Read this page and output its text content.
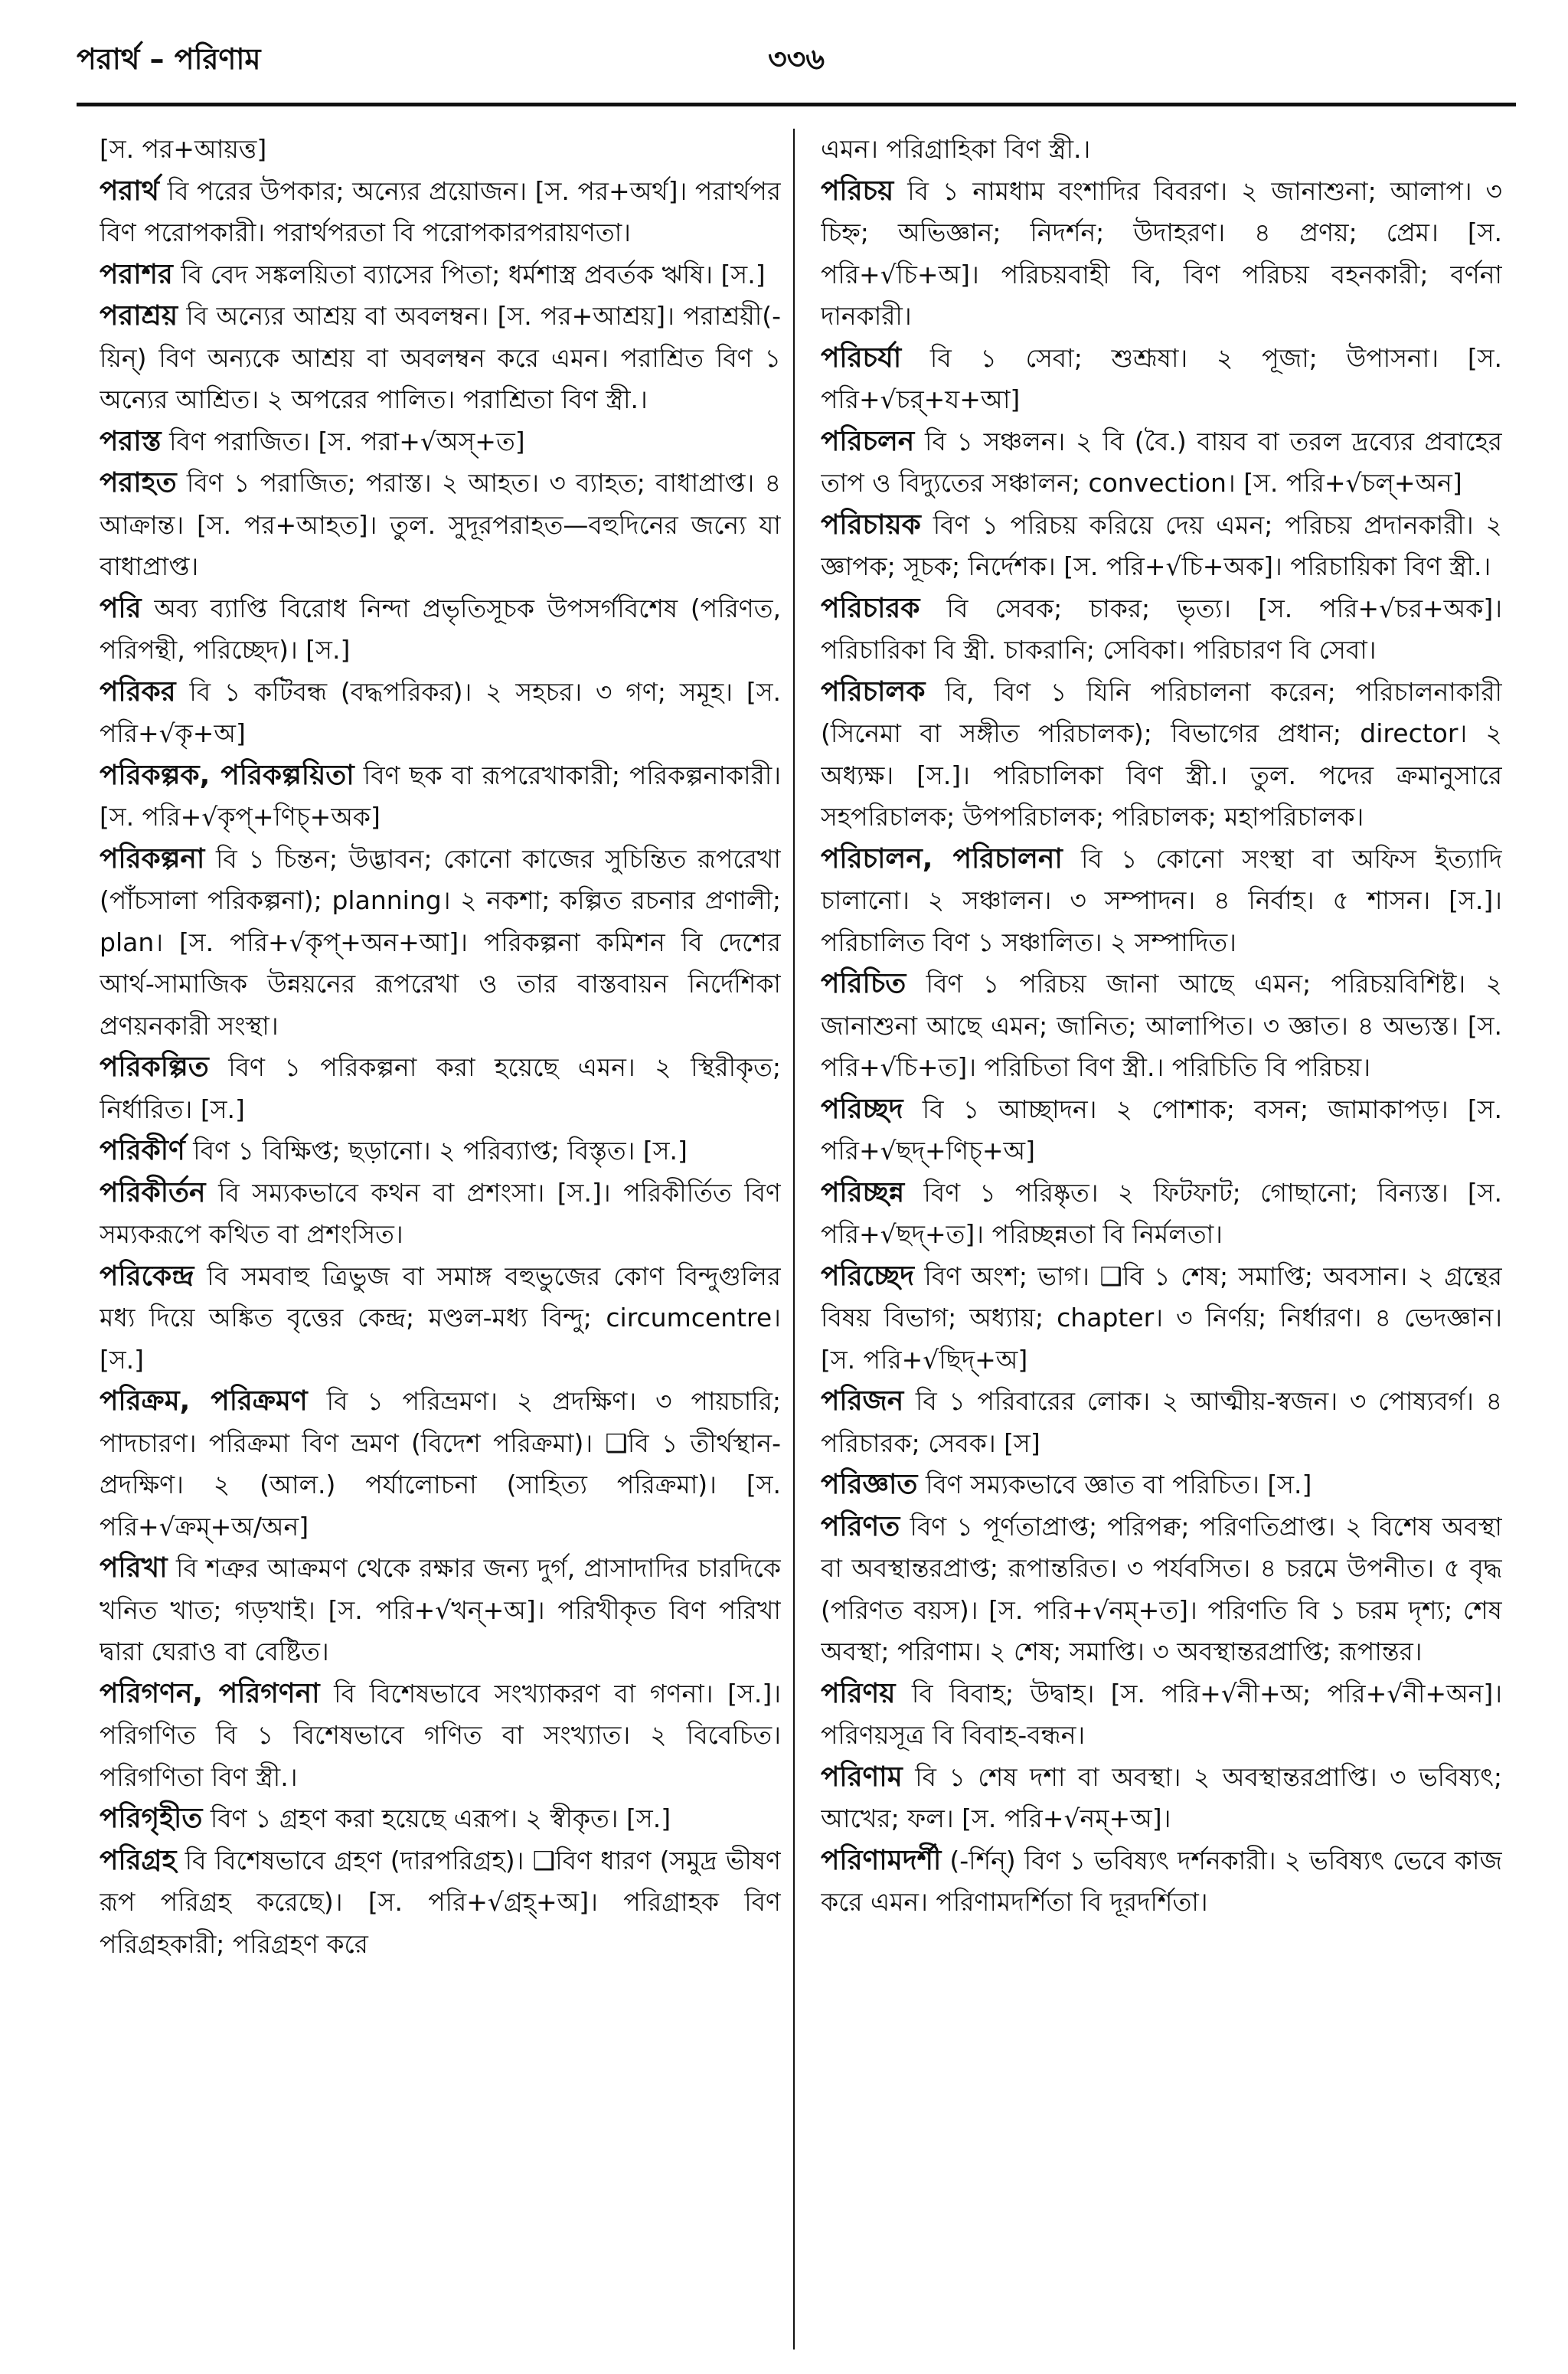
পরার্থ – পরিণাম	৩৩৬

[স. পর+আয়ত্ত]

পরার্থ বি পরের উপকার; অন্যের প্রয়োজন। [স. পর+অর্থ]। পরার্থপর বিণ পরোপকারী। পরার্থপরতা বি পরোপকারপরায়ণতা।

পরাশর বি বেদ সঙ্কলয়িতা ব্যাসের পিতা; ধর্মশাস্ত্র প্রবর্তক ঋষি। [স.]

পরাশ্রয় বি অন্যের আশ্রয় বা অবলম্বন। [স. পর+আশ্রয়]। পরাশ্রয়ী(-য়িন্) বিণ অন্যকে আশ্রয় বা অবলম্বন করে এমন। পরাশ্রিত বিণ ১ অন্যের আশ্রিত। ২ অপরের পালিত। পরাশ্রিতা বিণ স্ত্রী.।

পরাস্ত বিণ পরাজিত। [স. পরা+√অস্+ত]

পরাহত বিণ ১ পরাজিত; পরাস্ত। ২ আহত। ৩ ব্যাহত; বাধাপ্রাপ্ত। ৪ আক্রান্ত। [স. পর+আহত]। তুল. সুদূরপরাহত—বহুদিনের জন্যে যা বাধাপ্রাপ্ত।

পরি অব্য ব্যাপ্তি বিরোধ নিন্দা প্রভৃতিসূচক উপসর্গবিশেষ (পরিণত, পরিপন্থী, পরিচ্ছেদ)। [স.]

পরিকর বি ১ কটিবন্ধ (বদ্ধপরিকর)। ২ সহচর। ৩ গণ; সমূহ। [স. পরি+√কৃ+অ]

পরিকল্পক, পরিকল্পয়িতা বিণ ছক বা রূপরেখাকারী; পরিকল্পনাকারী। [স. পরি+√কৃপ্+ণিচ্+অক]

পরিকল্পনা বি ১ চিন্তন; উদ্ভাবন; কোনো কাজের সুচিন্তিত রূপরেখা (পাঁচসালা পরিকল্পনা); planning। ২ নকশা; কল্পিত রচনার প্রণালী; plan। [স. পরি+√কৃপ্+অন+আ]। পরিকল্পনা কমিশন বি দেশের আর্থ-সামাজিক উন্নয়নের রূপরেখা ও তার বাস্তবায়ন নির্দেশিকা প্রণয়নকারী সংস্থা।

পরিকল্পিত বিণ ১ পরিকল্পনা করা হয়েছে এমন। ২ স্থিরীকৃত; নির্ধারিত। [স.]

পরিকীর্ণ বিণ ১ বিক্ষিপ্ত; ছড়ানো। ২ পরিব্যাপ্ত; বিস্তৃত। [স.]

পরিকীর্তন বি সম্যকভাবে কথন বা প্রশংসা। [স.]। পরিকীর্তিত বিণ সম্যকরূপে কথিত বা প্রশংসিত।

পরিকেন্দ্র বি সমবাহু ত্রিভুজ বা সমাঙ্গ বহুভুজের কোণ বিন্দুগুলির মধ্য দিয়ে অঙ্কিত বৃত্তের কেন্দ্র; মণ্ডল-মধ্য বিন্দু; circumcentre। [স.]

পরিক্রম, পরিক্রমণ বি ১ পরিভ্রমণ। ২ প্রদক্ষিণ। ৩ পায়চারি; পাদচারণ। পরিক্রমা বিণ ভ্রমণ (বিদেশ পরিক্রমা)। ❑বি ১ তীর্থস্থান-প্রদক্ষিণ। ২ (আল.) পর্যালোচনা (সাহিত্য পরিক্রমা)। [স. পরি+√ক্রম্+অ/অন]

পরিখা বি শত্রুর আক্রমণ থেকে রক্ষার জন্য দুর্গ, প্রাসাদাদির চারদিকে খনিত খাত; গড়খাই। [স. পরি+√খন্+অ]। পরিখীকৃত বিণ পরিখা দ্বারা ঘেরাও বা বেষ্টিত।

পরিগণন, পরিগণনা বি বিশেষভাবে সংখ্যাকরণ বা গণনা। [স.]। পরিগণিত বি ১ বিশেষভাবে গণিত বা সংখ্যাত। ২ বিবেচিত। পরিগণিতা বিণ স্ত্রী.।

পরিগৃহীত বিণ ১ গ্রহণ করা হয়েছে এরূপ। ২ স্বীকৃত। [স.]

পরিগ্রহ বি বিশেষভাবে গ্রহণ (দারপরিগ্রহ)। ❑বিণ ধারণ (সমুদ্র ভীষণ রূপ পরিগ্রহ করেছে)। [স. পরি+√গ্রহ্+অ]। পরিগ্রাহক বিণ পরিগ্রহকারী; পরিগ্রহণ করে

এমন। পরিগ্রাহিকা বিণ স্ত্রী.।

পরিচয় বি ১ নামধাম বংশাদির বিবরণ। ২ জানাশুনা; আলাপ। ৩ চিহ্ন; অভিজ্ঞান; নিদর্শন; উদাহরণ। ৪ প্রণয়; প্রেম। [স. পরি+√চি+অ]। পরিচয়বাহী বি, বিণ পরিচয় বহনকারী; বর্ণনা দানকারী।

পরিচর্যা বি ১ সেবা; শুশ্রূষা। ২ পূজা; উপাসনা। [স. পরি+√চর্+য+আ]

পরিচলন বি ১ সঞ্চলন। ২ বি (বৈ.) বায়ব বা তরল দ্রব্যের প্রবাহের তাপ ও বিদ্যুতের সঞ্চালন; convection। [স. পরি+√চল্+অন]

পরিচায়ক বিণ ১ পরিচয় করিয়ে দেয় এমন; পরিচয় প্রদানকারী। ২ জ্ঞাপক; সূচক; নির্দেশক। [স. পরি+√চি+অক]। পরিচায়িকা বিণ স্ত্রী.।

পরিচারক বি সেবক; চাকর; ভৃত্য। [স. পরি+√চর+অক]। পরিচারিকা বি স্ত্রী. চাকরানি; সেবিকা। পরিচারণ বি সেবা।

পরিচালক বি, বিণ ১ যিনি পরিচালনা করেন; পরিচালনাকারী (সিনেমা বা সঙ্গীত পরিচালক); বিভাগের প্রধান; director। ২ অধ্যক্ষ। [স.]। পরিচালিকা বিণ স্ত্রী.। তুল. পদের ক্রমানুসারে সহপরিচালক; উপপরিচালক; পরিচালক; মহাপরিচালক।

পরিচালন, পরিচালনা বি ১ কোনো সংস্থা বা অফিস ইত্যাদি চালানো। ২ সঞ্চালন। ৩ সম্পাদন। ৪ নির্বাহ। ৫ শাসন। [স.]। পরিচালিত বিণ ১ সঞ্চালিত। ২ সম্পাদিত।

পরিচিত বিণ ১ পরিচয় জানা আছে এমন; পরিচয়বিশিষ্ট। ২ জানাশুনা আছে এমন; জানিত; আলাপিত। ৩ জ্ঞাত। ৪ অভ্যস্ত। [স. পরি+√চি+ত]। পরিচিতা বিণ স্ত্রী.। পরিচিতি বি পরিচয়।

পরিচ্ছদ বি ১ আচ্ছাদন। ২ পোশাক; বসন; জামাকাপড়। [স. পরি+√ছদ্+ণিচ্+অ]

পরিচ্ছন্ন বিণ ১ পরিষ্কৃত। ২ ফিটফাট; গোছানো; বিন্যস্ত। [স. পরি+√ছদ্+ত]। পরিচ্ছন্নতা বি নির্মলতা।

পরিচ্ছেদ বিণ অংশ; ভাগ। ❑বি ১ শেষ; সমাপ্তি; অবসান। ২ গ্রন্থের বিষয় বিভাগ; অধ্যায়; chapter। ৩ নির্ণয়; নির্ধারণ। ৪ ভেদজ্ঞান। [স. পরি+√ছিদ্+অ]

পরিজন বি ১ পরিবারের লোক। ২ আত্মীয়-স্বজন। ৩ পোষ্যবর্গ। ৪ পরিচারক; সেবক। [স]

পরিজ্ঞাত বিণ সম্যকভাবে জ্ঞাত বা পরিচিত। [স.]

পরিণত বিণ ১ পূর্ণতাপ্রাপ্ত; পরিপক্ব; পরিণতিপ্রাপ্ত। ২ বিশেষ অবস্থা বা অবস্থান্তরপ্রাপ্ত; রূপান্তরিত। ৩ পর্যবসিত। ৪ চরমে উপনীত। ৫ বৃদ্ধ (পরিণত বয়স)। [স. পরি+√নম্+ত]। পরিণতি বি ১ চরম দৃশ্য; শেষ অবস্থা; পরিণাম। ২ শেষ; সমাপ্তি। ৩ অবস্থান্তরপ্রাপ্তি; রূপান্তর।

পরিণয় বি বিবাহ; উদ্বাহ। [স. পরি+√নী+অ; পরি+√নী+অন]। পরিণয়সূত্র বি বিবাহ-বন্ধন।

পরিণাম বি ১ শেষ দশা বা অবস্থা। ২ অবস্থান্তরপ্রাপ্তি। ৩ ভবিষ্যৎ; আখের; ফল। [স. পরি+√নম্+অ]।

পরিণামদর্শী (-র্শিন্) বিণ ১ ভবিষ্যৎ দর্শনকারী। ২ ভবিষ্যৎ ভেবে কাজ করে এমন। পরিণামদর্শিতা বি দূরদর্শিতা।
